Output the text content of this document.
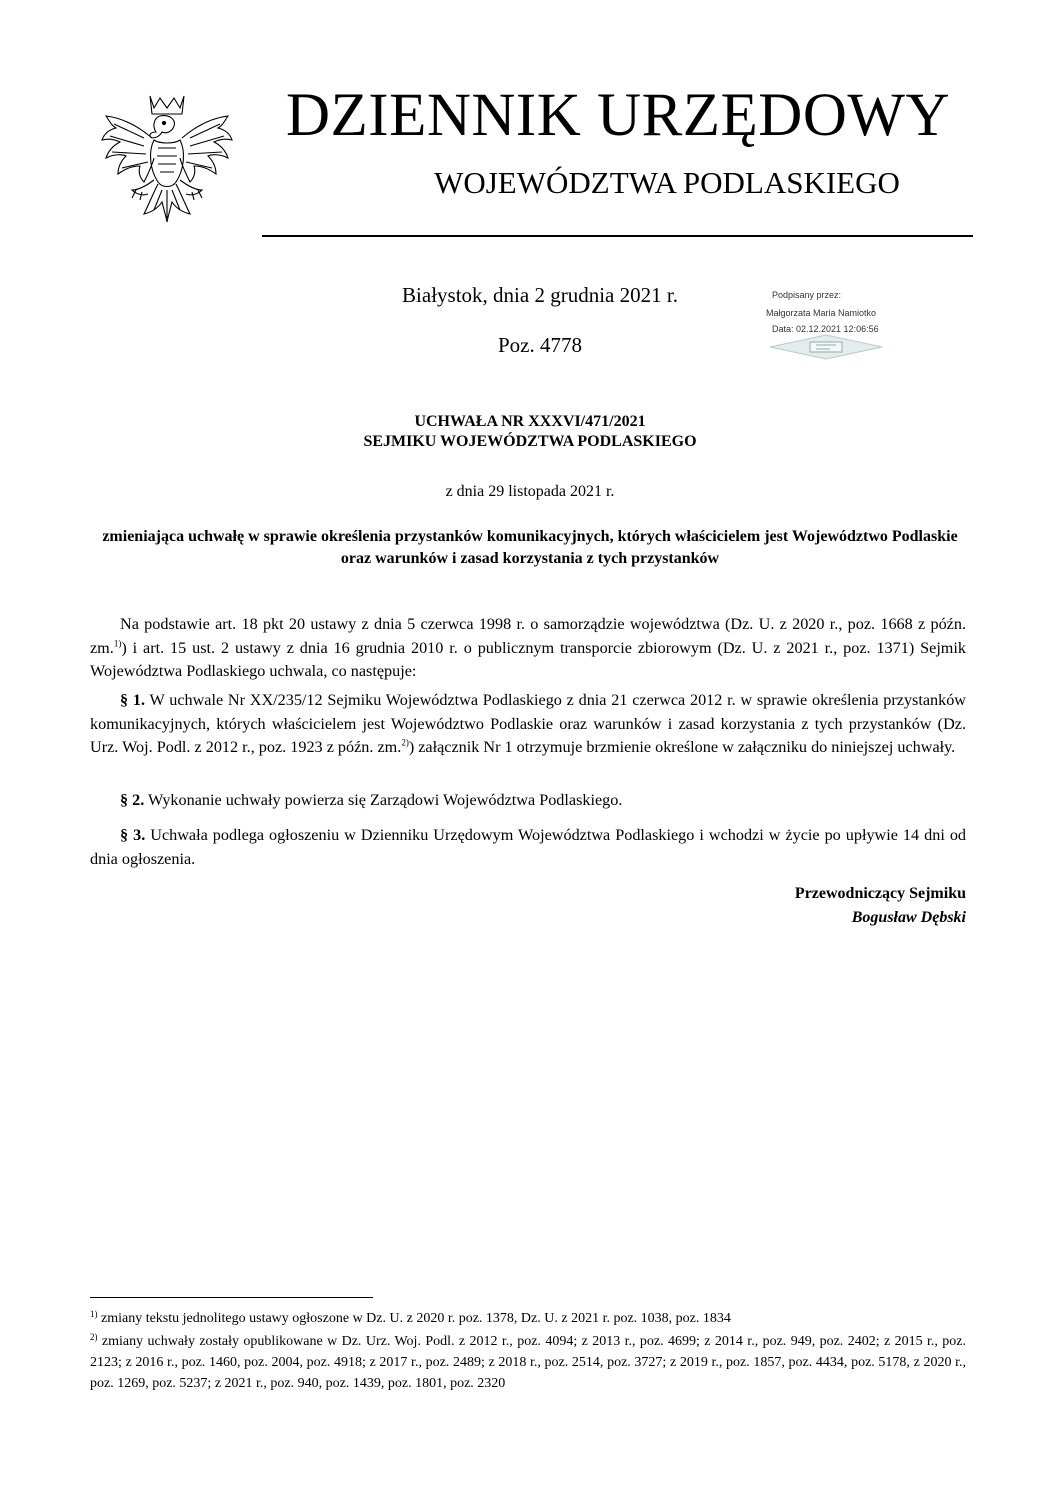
DZIENNIK URZĘDOWY
WOJEWÓDZTWA PODLASKIEGO
Białystok, dnia 2 grudnia 2021 r.
Poz. 4778
Podpisany przez:
Małgorzata Maria Namiotko
Data: 02.12.2021 12:06:56
UCHWAŁA NR XXXVI/471/2021
SEJMIKU WOJEWÓDZTWA PODLASKIEGO
z dnia 29 listopada 2021 r.
zmieniająca uchwałę w sprawie określenia przystanków komunikacyjnych, których właścicielem jest Województwo Podlaskie oraz warunków i zasad korzystania z tych przystanków
Na podstawie art. 18 pkt 20 ustawy z dnia 5 czerwca 1998 r. o samorządzie województwa (Dz. U. z 2020 r., poz. 1668 z późn. zm.$^{1)}$) i art. 15 ust. 2 ustawy z dnia 16 grudnia 2010 r. o publicznym transporcie zbiorowym (Dz. U. z 2021 r., poz. 1371) Sejmik Województwa Podlaskiego uchwala, co następuje:
§ 1. W uchwale Nr XX/235/12 Sejmiku Województwa Podlaskiego z dnia 21 czerwca 2012 r. w sprawie określenia przystanków komunikacyjnych, których właścicielem jest Województwo Podlaskie oraz warunków i zasad korzystania z tych przystanków (Dz. Urz. Woj. Podl. z 2012 r., poz. 1923 z późn. zm.$^{2)}$) załącznik Nr 1 otrzymuje brzmienie określone w załączniku do niniejszej uchwały.
§ 2. Wykonanie uchwały powierza się Zarządowi Województwa Podlaskiego.
§ 3. Uchwała podlega ogłoszeniu w Dzienniku Urzędowym Województwa Podlaskiego i wchodzi w życie po upływie 14 dni od dnia ogłoszenia.
Przewodniczący Sejmiku
Bogusław Dębski
$^{1)}$ zmiany tekstu jednolitego ustawy ogłoszone w Dz. U. z 2020 r. poz. 1378, Dz. U. z 2021 r. poz. 1038, poz. 1834
$^{2)}$ zmiany uchwały zostały opublikowane w Dz. Urz. Woj. Podl. z 2012 r., poz. 4094; z 2013 r., poz. 4699; z 2014 r., poz. 949, poz. 2402; z 2015 r., poz. 2123; z 2016 r., poz. 1460, poz. 2004, poz. 4918; z 2017 r., poz. 2489; z 2018 r., poz. 2514, poz. 3727; z 2019 r., poz. 1857, poz. 4434, poz. 5178, z 2020 r., poz. 1269, poz. 5237; z 2021 r., poz. 940, poz. 1439, poz. 1801, poz. 2320
